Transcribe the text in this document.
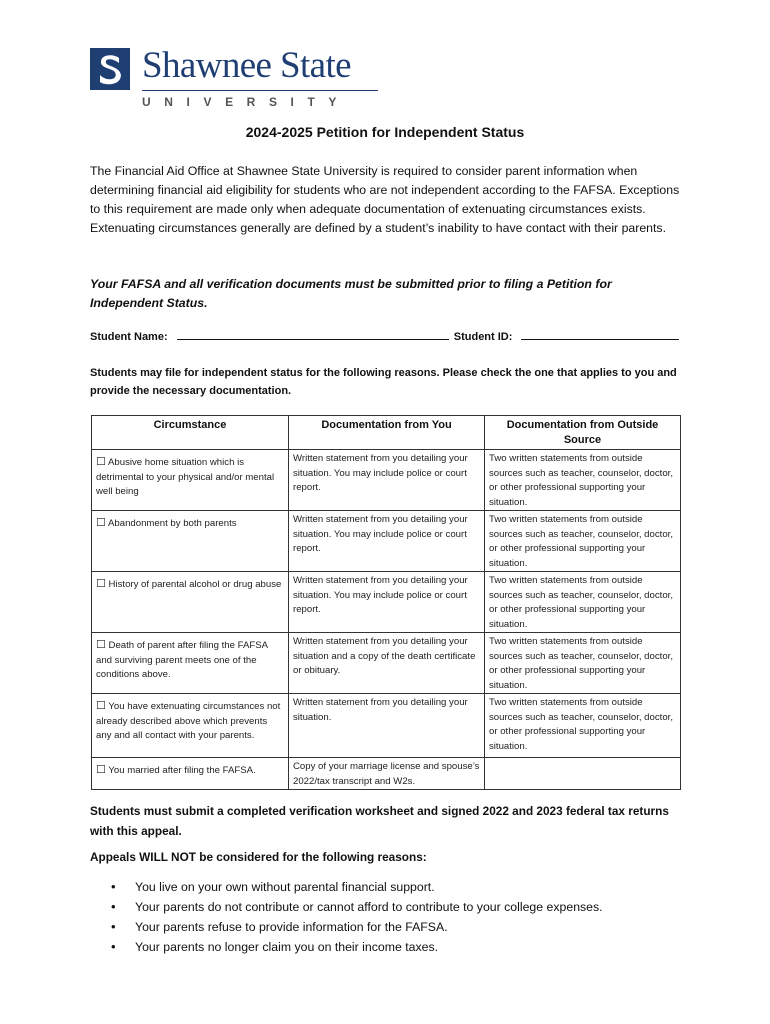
Shawnee State
UNIVERSITY
2024-2025 Petition for Independent Status
The Financial Aid Office at Shawnee State University is required to consider parent information when determining financial aid eligibility for students who are not independent according to the FAFSA. Exceptions to this requirement are made only when adequate documentation of extenuating circumstances exists. Extenuating circumstances generally are defined by a student’s inability to have contact with their parents.
Your FAFSA and all verification documents must be submitted prior to filing a Petition for Independent Status.
Student Name:	Student ID:
Students may file for independent status for the following reasons. Please check the one that applies to you and provide the necessary documentation.
Circumstance	Documentation from You	Documentation from Outside Source
☐ Abusive home situation which is detrimental to your physical and/or mental well being	Written statement from you detailing your situation. You may include police or court report.	Two written statements from outside sources such as teacher, counselor, doctor, or other professional supporting your situation.
☐ Abandonment by both parents	Written statement from you detailing your situation. You may include police or court report.	Two written statements from outside sources such as teacher, counselor, doctor, or other professional supporting your situation.
☐ History of parental alcohol or drug abuse	Written statement from you detailing your situation. You may include police or court report.	Two written statements from outside sources such as teacher, counselor, doctor, or other professional supporting your situation.
☐ Death of parent after filing the FAFSA and surviving parent meets one of the conditions above.	Written statement from you detailing your situation and a copy of the death certificate or obituary.	Two written statements from outside sources such as teacher, counselor, doctor, or other professional supporting your situation.
☐ You have extenuating circumstances not already described above which prevents any and all contact with your parents.	Written statement from you detailing your situation.	Two written statements from outside sources such as teacher, counselor, doctor, or other professional supporting your situation.
☐ You married after filing the FAFSA.	Copy of your marriage license and spouse’s 2022/tax transcript and W2s.	
Students must submit a completed verification worksheet and signed 2022 and 2023 federal tax returns with this appeal.
Appeals WILL NOT be considered for the following reasons:
• You live on your own without parental financial support.
• Your parents do not contribute or cannot afford to contribute to your college expenses.
• Your parents refuse to provide information for the FAFSA.
• Your parents no longer claim you on their income taxes.
